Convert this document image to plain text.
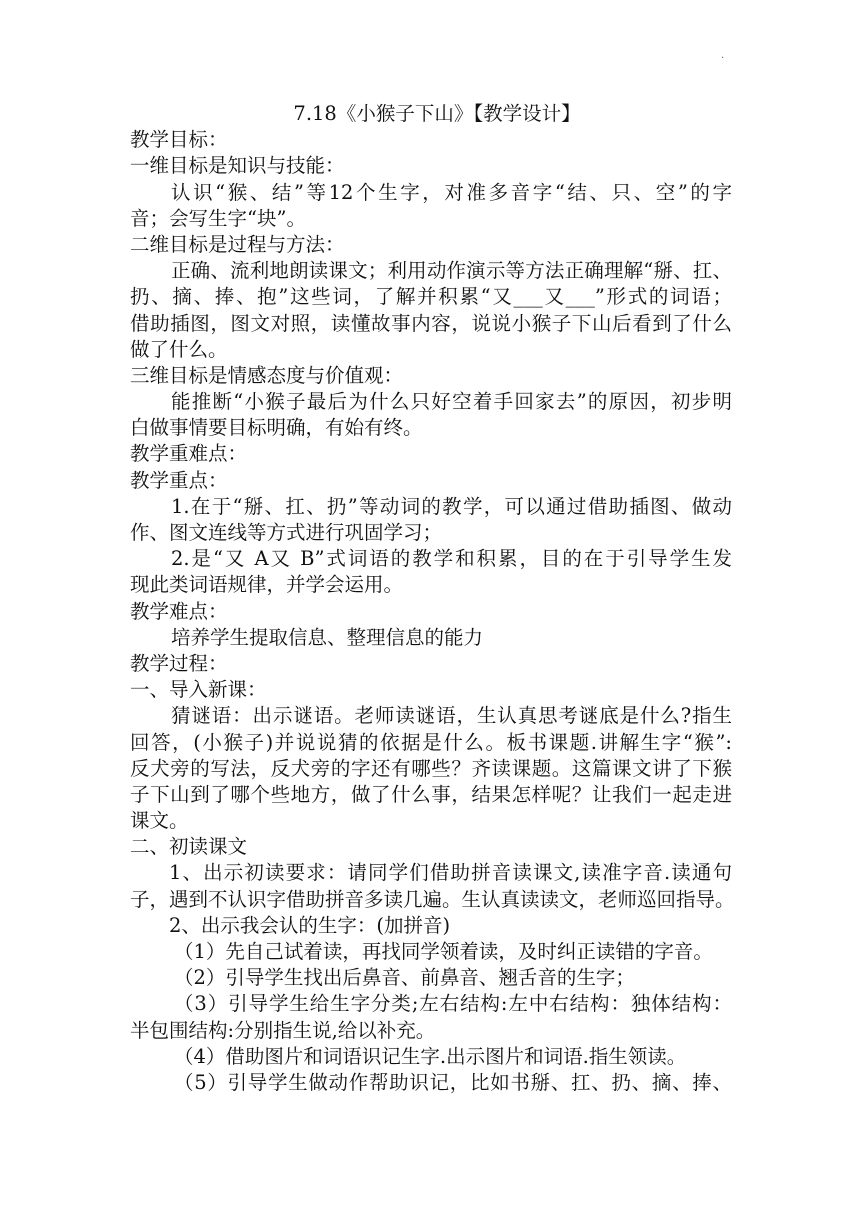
·
7.18《小猴子下山》【教学设计】
教学目标：
一维目标是知识与技能：
认识“猴、结”等12个生字，对准多音字“结、只、空”的字
音；会写生字“块”。
二维目标是过程与方法：
正确、流利地朗读课文；利用动作演示等方法正确理解“掰、扛、
扔、摘、捧、抱”这些词，了解并积累“又___又___”形式的词语；
借助插图，图文对照，读懂故事内容，说说小猴子下山后看到了什么
做了什么。
三维目标是情感态度与价值观：
能推断“小猴子最后为什么只好空着手回家去”的原因，初步明
白做事情要目标明确，有始有终。
教学重难点：
教学重点：
1.在于“掰、扛、扔”等动词的教学，可以通过借助插图、做动
作、图文连线等方式进行巩固学习；
2.是“又 A又 B”式词语的教学和积累，目的在于引导学生发
现此类词语规律，并学会运用。
教学难点：
培养学生提取信息、整理信息的能力
教学过程：
一、导入新课：
猜谜语：出示谜语。老师读谜语，生认真思考谜底是什么?指生
回答，(小猴子)并说说猜的依据是什么。板书课题.讲解生字“猴”:
反犬旁的写法，反犬旁的字还有哪些？齐读课题。这篇课文讲了下猴
子下山到了哪个些地方，做了什么事，结果怎样呢？让我们一起走进
课文。
二、初读课文
1、出示初读要求：请同学们借助拼音读课文,读准字音.读通句
子，遇到不认识字借助拼音多读几遍。生认真读读文，老师巡回指导。
2、出示我会认的生字：(加拼音)
（1）先自己试着读，再找同学领着读，及时纠正读错的字音。
（2）引导学生找出后鼻音、前鼻音、翘舌音的生字；
（3）引导学生给生字分类;左右结构:左中右结构：独体结构：
半包围结构:分别指生说,给以补充。
（4）借助图片和词语识记生字.出示图片和词语.指生领读。
（5）引导学生做动作帮助识记，比如书掰、扛、扔、摘、捧、
